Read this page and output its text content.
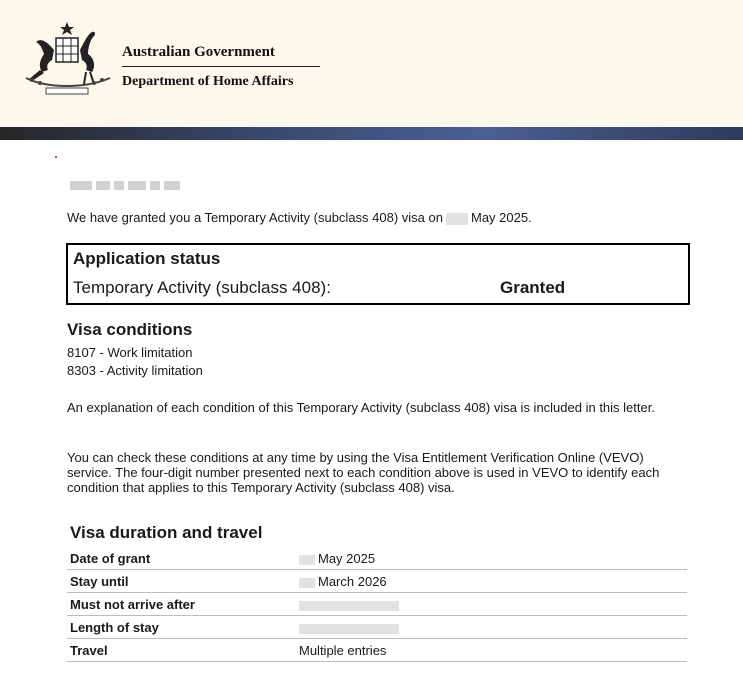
Australian Government
Department of Home Affairs

We have granted you a Temporary Activity (subclass 408) visa on May 2025.

Application status
Temporary Activity (subclass 408):	Granted
Visa conditions
8107 - Work limitation
8303 - Activity limitation

An explanation of each condition of this Temporary Activity (subclass 408) visa is included in this letter.

You can check these conditions at any time by using the Visa Entitlement Verification Online (VEVO) service. The four-digit number presented next to each condition above is used in VEVO to identify each condition that applies to this Temporary Activity (subclass 408) visa.

Visa duration and travel
Date of grant	May 2025
Stay until	March 2026
Must not arrive after
Length of stay
Travel	Multiple entries
